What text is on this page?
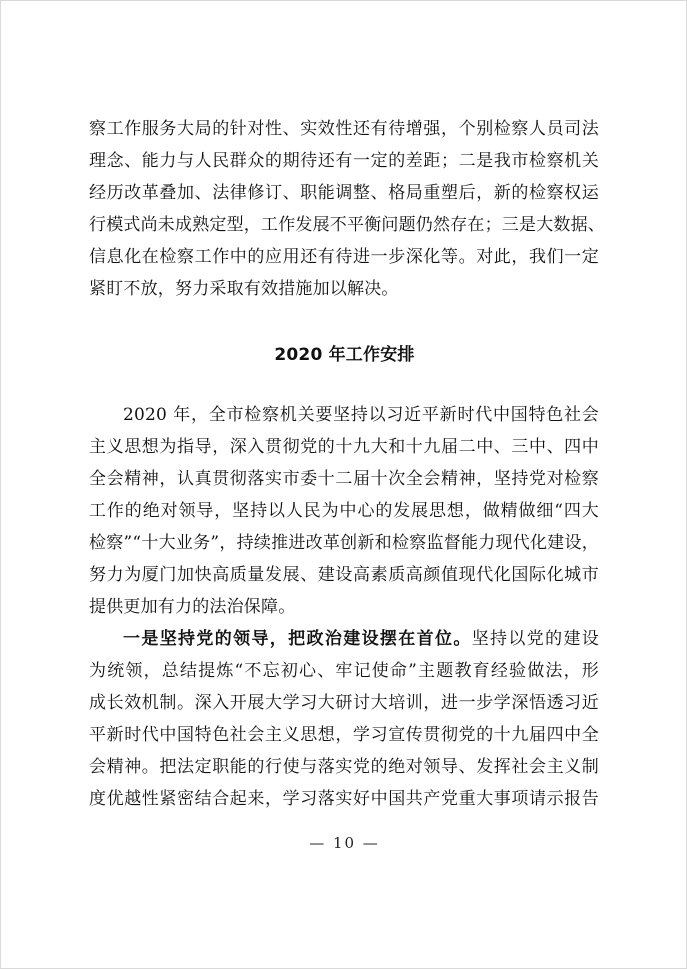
察工作服务大局的针对性、实效性还有待增强，个别检察人员司法
理念、能力与人民群众的期待还有一定的差距；二是我市检察机关
经历改革叠加、法律修订、职能调整、格局重塑后，新的检察权运
行模式尚未成熟定型，工作发展不平衡问题仍然存在；三是大数据、
信息化在检察工作中的应用还有待进一步深化等。对此，我们一定
紧盯不放，努力采取有效措施加以解决。
2020 年工作安排
2020 年，全市检察机关要坚持以习近平新时代中国特色社会
主义思想为指导，深入贯彻党的十九大和十九届二中、三中、四中
全会精神，认真贯彻落实市委十二届十次全会精神，坚持党对检察
工作的绝对领导，坚持以人民为中心的发展思想，做精做细“四大
检察”“十大业务”，持续推进改革创新和检察监督能力现代化建设，
努力为厦门加快高质量发展、建设高素质高颜值现代化国际化城市
提供更加有力的法治保障。
一是坚持党的领导，把政治建设摆在首位。坚持以党的建设
为统领，总结提炼“不忘初心、牢记使命”主题教育经验做法，形
成长效机制。深入开展大学习大研讨大培训，进一步学深悟透习近
平新时代中国特色社会主义思想，学习宣传贯彻党的十九届四中全
会精神。把法定职能的行使与落实党的绝对领导、发挥社会主义制
度优越性紧密结合起来，学习落实好中国共产党重大事项请示报告
— 10 —
